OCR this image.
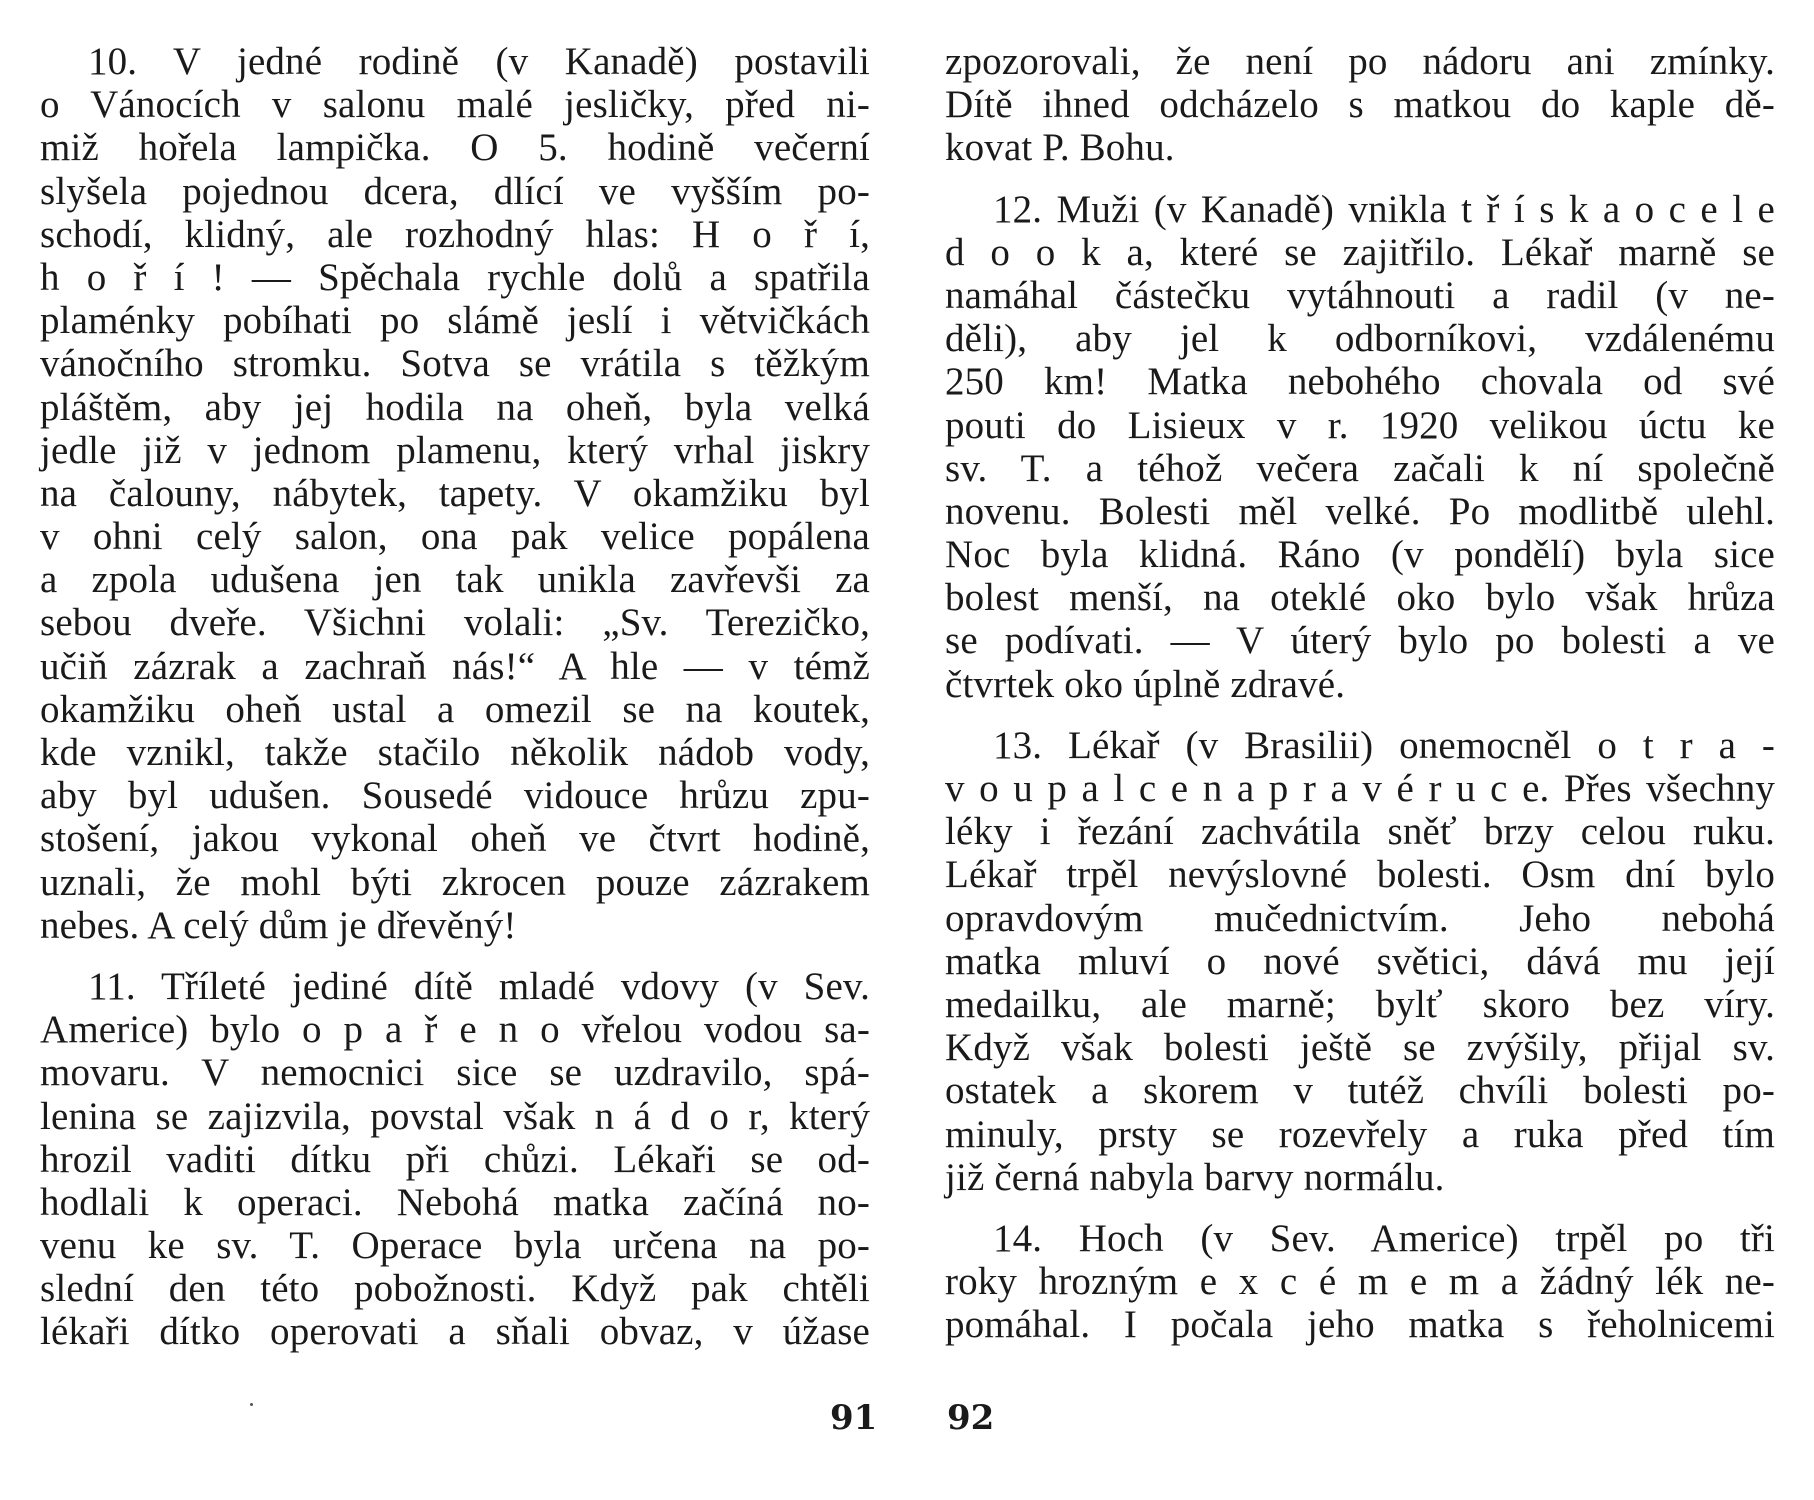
10. V jedné rodině (v Kanadě) postavili
o Vánocích v salonu malé jesličky, před ni-
miž hořela lampička. O 5. hodině večerní
slyšela pojednou dcera, dlící ve vyšším po-
schodí, klidný, ale rozhodný hlas: H o ř í,
h o ř í ! — Spěchala rychle dolů a spatřila
plaménky pobíhati po slámě jeslí i větvičkách
vánočního stromku. Sotva se vrátila s těžkým
pláštěm, aby jej hodila na oheň, byla velká
jedle již v jednom plamenu, který vrhal jiskry
na čalouny, nábytek, tapety. V okamžiku byl
v ohni celý salon, ona pak velice popálena
a zpola udušena jen tak unikla zavřevši za
sebou dveře. Všichni volali: „Sv. Terezičko,
učiň zázrak a zachraň nás!“ A hle — v témž
okamžiku oheň ustal a omezil se na koutek,
kde vznikl, takže stačilo několik nádob vody,
aby byl udušen. Sousedé vidouce hrůzu zpu-
stošení, jakou vykonal oheň ve čtvrt hodině,
uznali, že mohl býti zkrocen pouze zázrakem
nebes. A celý dům je dřevěný!
11. Tříleté jediné dítě mladé vdovy (v Sev.
Americe) bylo o p a ř e n o vřelou vodou sa-
movaru. V nemocnici sice se uzdravilo, spá-
lenina se zajizvila, povstal však n á d o r, který
hrozil vaditi dítku při chůzi. Lékaři se od-
hodlali k operaci. Nebohá matka začíná no-
venu ke sv. T. Operace byla určena na po-
slední den této pobožnosti. Když pak chtěli
lékaři dítko operovati a sňali obvaz, v úžase
zpozorovali, že není po nádoru ani zmínky.
Dítě ihned odcházelo s matkou do kaple dě-
kovat P. Bohu.
12. Muži (v Kanadě) vnikla t ř í s k a o c e l e
d o o k a, které se zajitřilo. Lékař marně se
namáhal částečku vytáhnouti a radil (v ne-
děli), aby jel k odborníkovi, vzdálenému
250 km! Matka nebohého chovala od své
pouti do Lisieux v r. 1920 velikou úctu ke
sv. T. a téhož večera začali k ní společně
novenu. Bolesti měl velké. Po modlitbě ulehl.
Noc byla klidná. Ráno (v pondělí) byla sice
bolest menší, na oteklé oko bylo však hrůza
se podívati. — V úterý bylo po bolesti a ve
čtvrtek oko úplně zdravé.
13. Lékař (v Brasilii) onemocněl o t r a -
v o u p a l c e n a p r a v é r u c e. Přes všechny
léky i řezání zachvátila sněť brzy celou ruku.
Lékař trpěl nevýslovné bolesti. Osm dní bylo
opravdovým mučednictvím. Jeho nebohá
matka mluví o nové světici, dává mu její
medailku, ale marně; bylť skoro bez víry.
Když však bolesti ještě se zvýšily, přijal sv.
ostatek a skorem v tutéž chvíli bolesti po-
minuly, prsty se rozevřely a ruka před tím
již černá nabyla barvy normálu.
14. Hoch (v Sev. Americe) trpěl po tři
roky hrozným e x c é m e m a žádný lék ne-
pomáhal. I počala jeho matka s řeholnicemi
91 92
